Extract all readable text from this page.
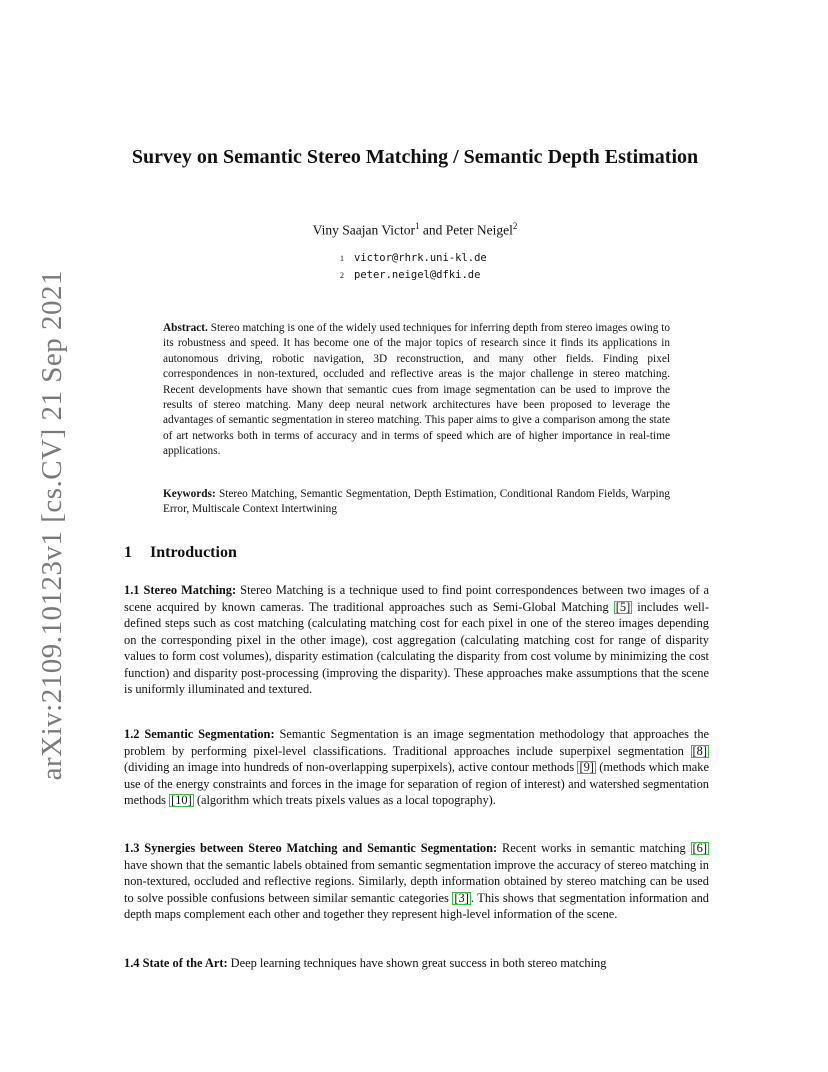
arXiv:2109.10123v1 [cs.CV] 21 Sep 2021
Survey on Semantic Stereo Matching / Semantic Depth Estimation
Viny Saajan Victor$^1$ and Peter Neigel$^2$
1 victor@rhrk.uni-kl.de
2 peter.neigel@dfki.de
Abstract. Stereo matching is one of the widely used techniques for inferring depth from stereo images owing to its robustness and speed. It has become one of the major topics of research since it finds its applications in autonomous driving, robotic navigation, 3D reconstruction, and many other fields. Finding pixel correspondences in non-textured, occluded and reflective areas is the major challenge in stereo matching. Recent developments have shown that semantic cues from image segmentation can be used to improve the results of stereo matching. Many deep neural network architectures have been proposed to leverage the advantages of semantic segmentation in stereo matching. This paper aims to give a comparison among the state of art networks both in terms of accuracy and in terms of speed which are of higher importance in real-time applications.
Keywords: Stereo Matching, Semantic Segmentation, Depth Estimation, Conditional Random Fields, Warping Error, Multiscale Context Intertwining
1 Introduction
1.1 Stereo Matching: Stereo Matching is a technique used to find point correspondences between two images of a scene acquired by known cameras. The traditional approaches such as Semi-Global Matching [5] includes well-defined steps such as cost matching (calculating matching cost for each pixel in one of the stereo images depending on the corresponding pixel in the other image), cost aggregation (calculating matching cost for range of disparity values to form cost volumes), disparity estimation (calculating the disparity from cost volume by minimizing the cost function) and disparity post-processing (improving the disparity). These approaches make assumptions that the scene is uniformly illuminated and textured.
1.2 Semantic Segmentation: Semantic Segmentation is an image segmentation methodology that approaches the problem by performing pixel-level classifications. Traditional approaches include superpixel segmentation [8] (dividing an image into hundreds of non-overlapping superpixels), active contour methods [9] (methods which make use of the energy constraints and forces in the image for separation of region of interest) and watershed segmentation methods [10] (algorithm which treats pixels values as a local topography).
1.3 Synergies between Stereo Matching and Semantic Segmentation: Recent works in semantic matching [6] have shown that the semantic labels obtained from semantic segmentation improve the accuracy of stereo matching in non-textured, occluded and reflective regions. Similarly, depth information obtained by stereo matching can be used to solve possible confusions between similar semantic categories [3] . This shows that segmentation information and depth maps complement each other and together they represent high-level information of the scene.
1.4 State of the Art: Deep learning techniques have shown great success in both stereo matching
